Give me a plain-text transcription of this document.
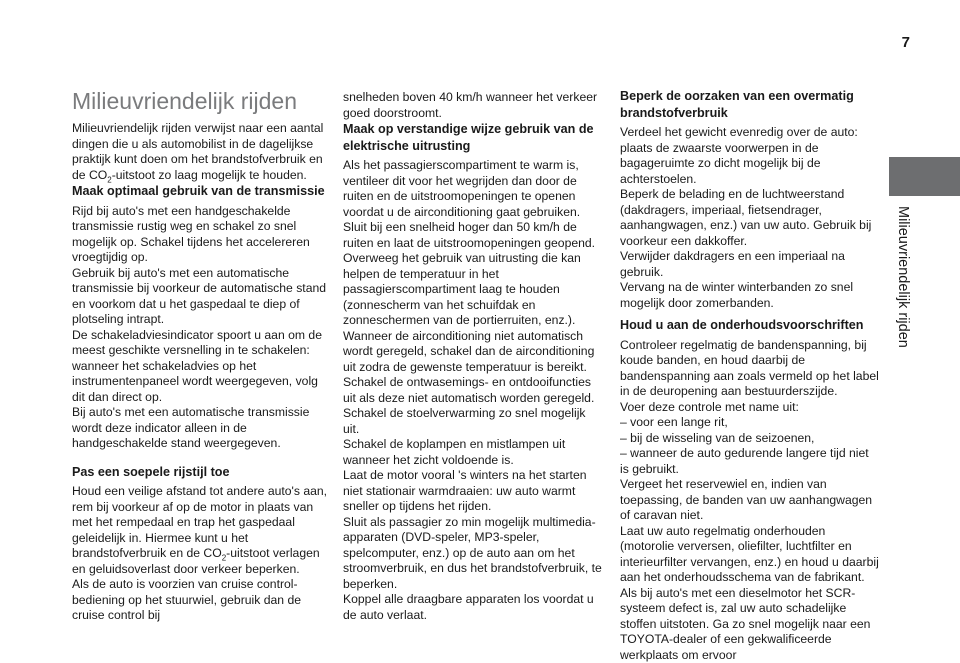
7
Milieuvriendelijk rijden
Milieuvriendelijk rijden

Milieuvriendelijk rijden verwijst naar een aantal dingen die u als automobilist in de dagelijkse praktijk kunt doen om het brandstofverbruik en de $CO_2$-uitstoot zo laag mogelijk te houden.

Maak optimaal gebruik van de transmissie

Rijd bij auto's met een handgeschakelde transmissie rustig weg en schakel zo snel mogelijk op. Schakel tijdens het accelereren vroegtijdig op.

Gebruik bij auto's met een automatische transmissie bij voorkeur de automatische stand en voorkom dat u het gaspedaal te diep of plotseling intrapt.

De schakeladviesindicator spoort u aan om de meest geschikte versnelling in te schakelen: wanneer het schakeladvies op het instrumentenpaneel wordt weergegeven, volg dit dan direct op.

Bij auto's met een automatische transmissie wordt deze indicator alleen in de handgeschakelde stand weergegeven.

Pas een soepele rijstijl toe

Houd een veilige afstand tot andere auto's aan, rem bij voorkeur af op de motor in plaats van met het rempedaal en trap het gaspedaal geleidelijk in. Hiermee kunt u het brandstofverbruik en de $CO_2$-uitstoot verlagen en geluidsoverlast door verkeer beperken.

Als de auto is voorzien van cruise control-bediening op het stuurwiel, gebruik dan de cruise control bij

snelheden boven 40 km/h wanneer het verkeer goed doorstroomt.

Maak op verstandige wijze gebruik van de elektrische uitrusting

Als het passagierscompartiment te warm is, ventileer dit voor het wegrijden dan door de ruiten en de uitstroomopeningen te openen voordat u de airconditioning gaat gebruiken.

Sluit bij een snelheid hoger dan 50 km/h de ruiten en laat de uitstroomopeningen geopend.

Overweeg het gebruik van uitrusting die kan helpen de temperatuur in het passagierscompartiment laag te houden (zonnescherm van het schuifdak en zonneschermen van de portierruiten, enz.).

Wanneer de airconditioning niet automatisch wordt geregeld, schakel dan de airconditioning uit zodra de gewenste temperatuur is bereikt.

Schakel de ontwasemings- en ontdooifuncties uit als deze niet automatisch worden geregeld.

Schakel de stoelverwarming zo snel mogelijk uit.

Schakel de koplampen en mistlampen uit wanneer het zicht voldoende is.

Laat de motor vooral 's winters na het starten niet stationair warmdraaien: uw auto warmt sneller op tijdens het rijden.

Sluit als passagier zo min mogelijk multimedia-apparaten (DVD-speler, MP3-speler, spelcomputer, enz.) op de auto aan om het stroomverbruik, en dus het brandstofverbruik, te beperken.

Koppel alle draagbare apparaten los voordat u de auto verlaat.

Beperk de oorzaken van een overmatig brandstofverbruik

Verdeel het gewicht evenredig over de auto: plaats de zwaarste voorwerpen in de bagageruimte zo dicht mogelijk bij de achterstoelen.

Beperk de belading en de luchtweerstand (dakdragers, imperiaal, fietsendrager, aanhangwagen, enz.) van uw auto. Gebruik bij voorkeur een dakkoffer.

Verwijder dakdragers en een imperiaal na gebruik.

Vervang na de winter winterbanden zo snel mogelijk door zomerbanden.

Houd u aan de onderhoudsvoorschriften

Controleer regelmatig de bandenspanning, bij koude banden, en houd daarbij de bandenspanning aan zoals vermeld op het label in de deuropening aan bestuurderszijde.

Voer deze controle met name uit:

– voor een lange rit,

– bij de wisseling van de seizoenen,

– wanneer de auto gedurende langere tijd niet is gebruikt.

Vergeet het reservewiel en, indien van toepassing, de banden van uw aanhangwagen of caravan niet.

Laat uw auto regelmatig onderhouden (motorolie verversen, oliefilter, luchtfilter en interieurfilter vervangen, enz.) en houd u daarbij aan het onderhoudsschema van de fabrikant.

Als bij auto's met een dieselmotor het SCR-systeem defect is, zal uw auto schadelijke stoffen uitstoten. Ga zo snel mogelijk naar een TOYOTA-dealer of een gekwalificeerde werkplaats om ervoor
